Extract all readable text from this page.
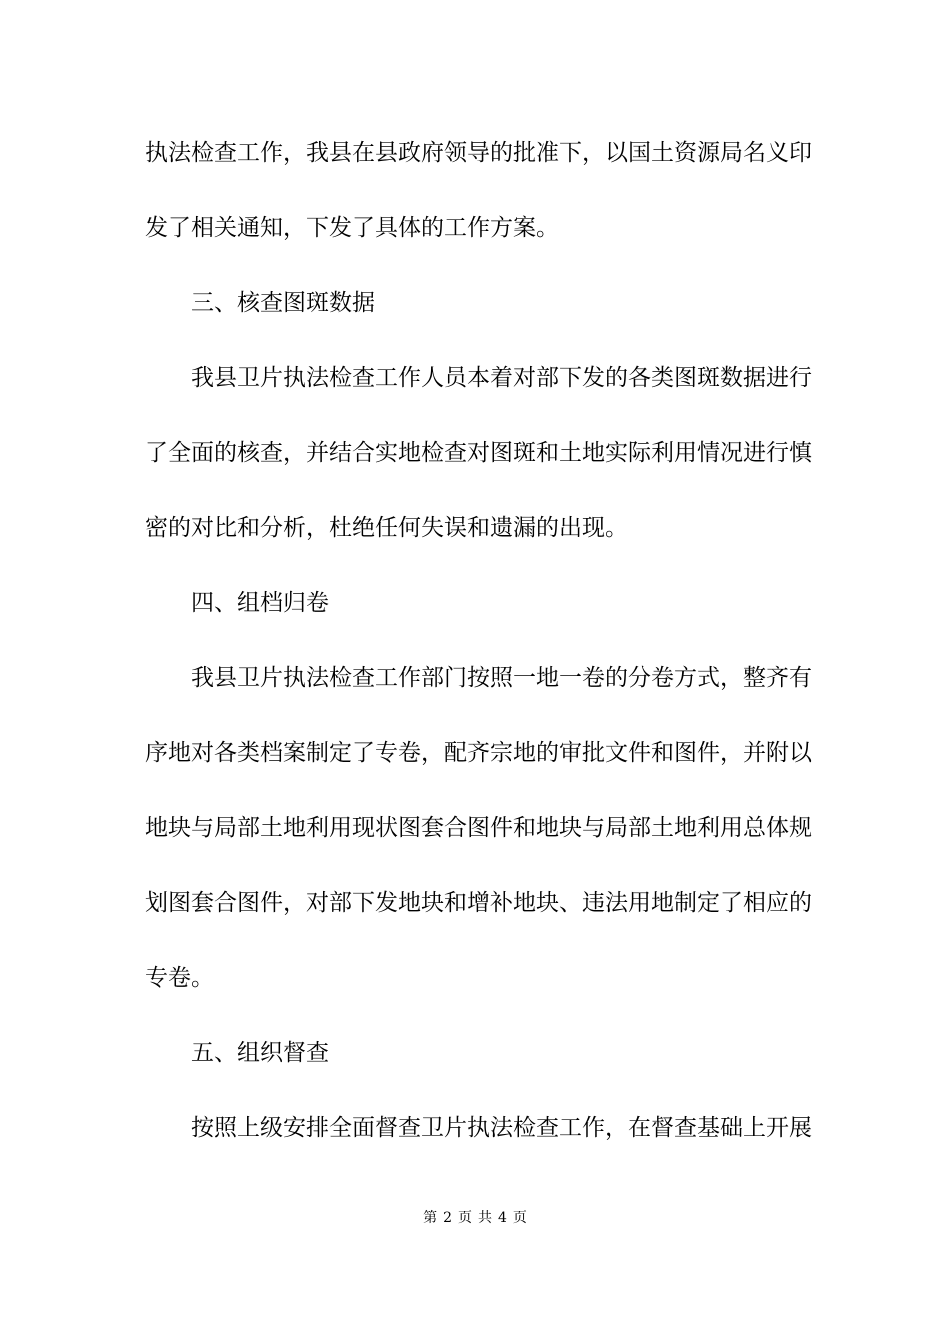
执法检查工作，我县在县政府领导的批准下，以国土资源局名义印
发了相关通知，下发了具体的工作方案。
三、核查图斑数据
我县卫片执法检查工作人员本着对部下发的各类图斑数据进行
了全面的核查，并结合实地检查对图斑和土地实际利用情况进行慎
密的对比和分析，杜绝任何失误和遗漏的出现。
四、组档归卷
我县卫片执法检查工作部门按照一地一卷的分卷方式，整齐有
序地对各类档案制定了专卷，配齐宗地的审批文件和图件，并附以
地块与局部土地利用现状图套合图件和地块与局部土地利用总体规
划图套合图件，对部下发地块和增补地块、违法用地制定了相应的
专卷。
五、组织督查
按照上级安排全面督查卫片执法检查工作，在督查基础上开展
第 2 页 共 4 页
